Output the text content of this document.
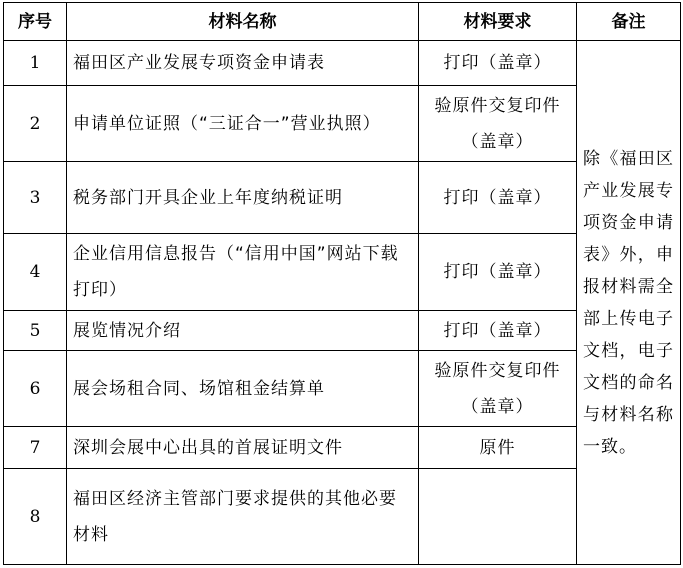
序号	材料名称	材料要求	备注
1	福田区产业发展专项资金申请表	打印（盖章）	除《福田区产业发展专项资金申请表》外，申报材料需全部上传电子文档，电子文档的命名与材料名称一致。
2	申请单位证照（“三证合一”营业执照）	验原件交复印件（盖章）	
3	税务部门开具企业上年度纳税证明	打印（盖章）	
4	企业信用信息报告（“信用中国”网站下载打印）	打印（盖章）	
5	展览情况介绍	打印（盖章）	
6	展会场租合同、场馆租金结算单	验原件交复印件（盖章）	
7	深圳会展中心出具的首展证明文件	原件	
8	福田区经济主管部门要求提供的其他必要材料		
